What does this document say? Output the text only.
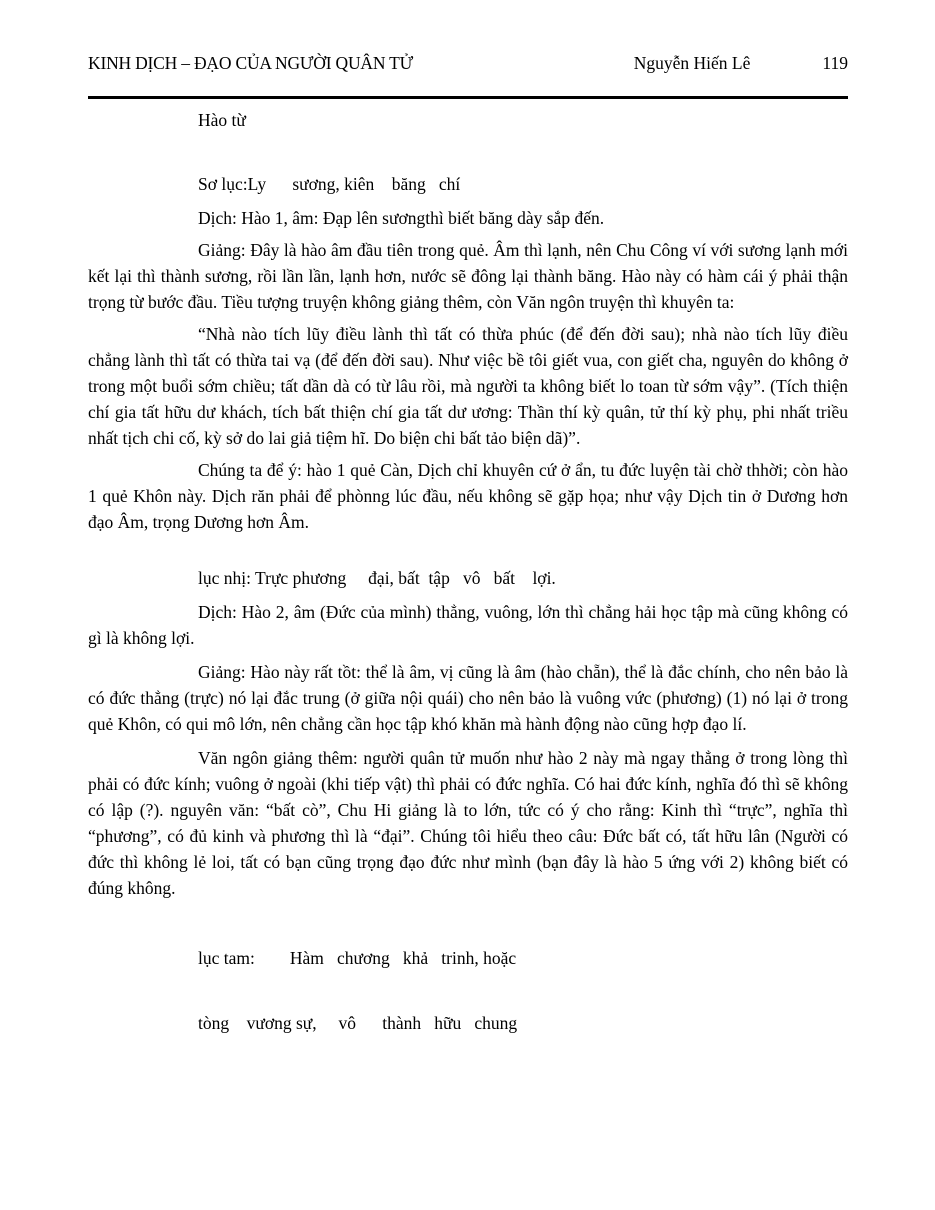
KINH DỊCH – ĐẠO CỦA NGƯỜI QUÂN TỬ	Nguyễn Hiến Lê	119

Hào từ

Sơ lục:Ly      sương, kiên    băng   chí

Dịch: Hào 1, âm: Đạp lên sươngthì biết băng dày sắp đến.

Giảng: Đây là hào âm đầu tiên trong quẻ. Âm thì lạnh, nên Chu Công ví với sương lạnh mới kết lại thì thành sương, rồi lần lần, lạnh hơn, nước sẽ đông lại thành băng. Hào này có hàm cái ý phải thận trọng từ bước đầu. Tiều tượng truyện không giảng thêm, còn Văn ngôn truyện thì khuyên ta:

“Nhà nào tích lũy điều lành thì tất có thừa phúc (để đến đời sau); nhà nào tích lũy điều chẳng lành thì tất có thừa tai vạ (để đến đời sau). Như việc bề tôi giết vua, con giết cha, nguyên do không ở trong một buổi sớm chiều; tất dần dà có từ lâu rồi, mà người ta không biết lo toan từ sớm vậy”. (Tích thiện chí gia tất hữu dư khách, tích bất thiện chí gia tất dư ương: Thần thí kỳ quân, tử thí kỳ phụ, phi nhất triều nhất tịch chi cố, kỳ sở do lai giả tiệm hĩ. Do biện chi bất tảo biện dã)”.

Chúng ta để ý: hào 1 quẻ Càn, Dịch chỉ khuyên cứ ở ẩn, tu đức luyện tài chờ thhời; còn hào 1 quẻ Khôn này. Dịch răn phải để phònng lúc đầu, nếu không sẽ gặp họa; như vậy Dịch tin ở Dương hơn đạo Âm, trọng Dương hơn Âm.

lục nhị: Trực phương     đại, bất  tập   vô   bất    lợi.

Dịch: Hào 2, âm (Đức của mình) thẳng, vuông, lớn thì chẳng hải học tập mà cũng không có gì là không lợi.

Giảng: Hào này rất tồt: thể là âm, vị cũng là âm (hào chẵn), thể là đắc chính, cho nên bảo là có đức thẳng (trực) nó lại đắc trung (ở giữa nội quái) cho nên bảo là vuông vức (phương) (1) nó lại ở trong quẻ Khôn, có qui mô lớn, nên chẳng cần học tập khó khăn mà hành động nào cũng hợp đạo lí.

Văn ngôn giảng thêm: người quân tử muốn như hào 2 này mà ngay thẳng ở trong lòng thì phải có đức kính; vuông ở ngoài (khi tiếp vật) thì phải có đức nghĩa. Có hai đức kính, nghĩa đó thì sẽ không có lập (?). nguyên văn: “bất cò”, Chu Hi giảng là to lớn, tức có ý cho rằng: Kinh thì “trực”, nghĩa thì “phương”, có đủ kinh và phương thì là “đại”. Chúng tôi hiểu theo câu: Đức bất có, tất hữu lân (Người có đức thì không lẻ loi, tất có bạn cũng trọng đạo đức như mình (bạn đây là hào 5 ứng với 2) không biết có đúng không.

lục tam:        Hàm   chương   khả   trinh, hoặc

tòng    vương sự,     vô      thành   hữu   chung
